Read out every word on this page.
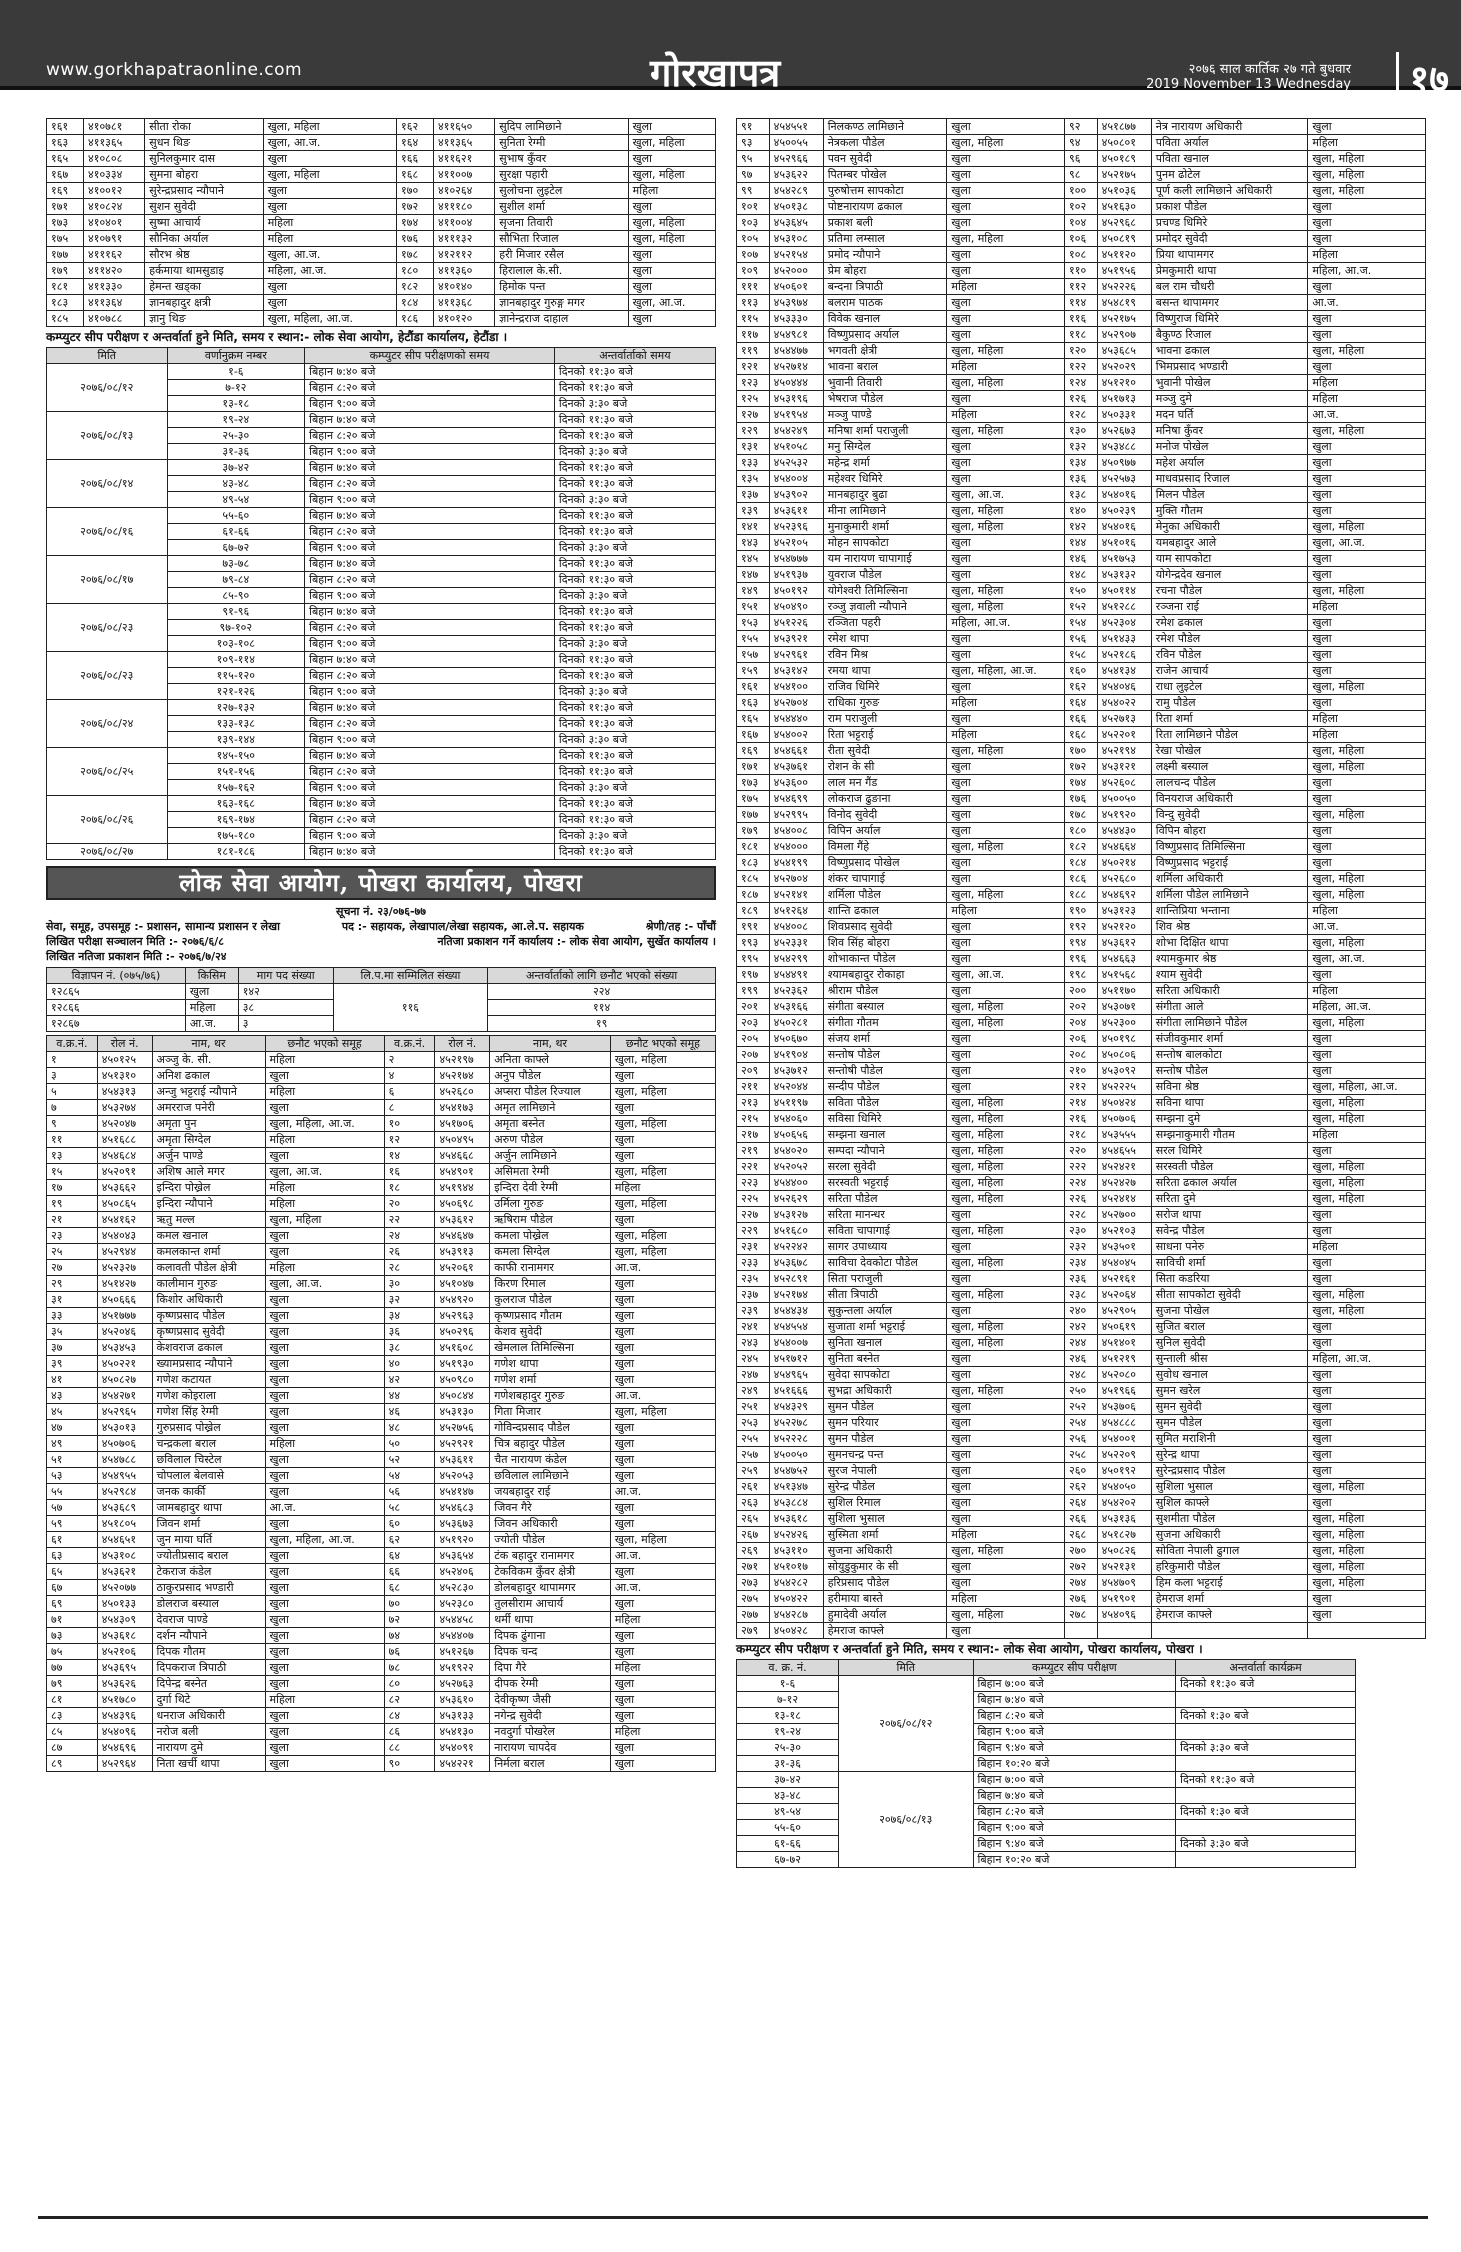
www.gorkhapatraonline.com	गोरखापत्र	२०७६ साल कार्तिक २७ गते बुधवार
2019 November 13 Wednesday	१७
१६१	४१०७८१	सीता रोका	खुला, महिला	१६२	४११६५०	सुदिप लामिछाने	खुला
१६३	४११३६५	सुधन थिङ	खुला, आ.ज.	१६४	४११३६५	सुनिता रेग्मी	खुला, महिला
१६५	४१०८०८	सुनिलकुमार दास	खुला	१६६	४११६२१	सुभाष कुँवर	खुला
१६७	४१०३३४	सुमना बोहरा	खुला, महिला	१६८	४११००७	सुरक्षा पहारी	खुला, महिला
१६९	४१००१२	सुरेन्द्रप्रसाद न्यौपाने	खुला	१७०	४१०२६४	सुलोचना लुइटेल	महिला
१७१	४१०८२४	सुशन सुवेदी	खुला	१७२	४१११८०	सुशील शर्मा	खुला
१७३	४१०४०१	सुष्मा आचार्य	महिला	१७४	४११००४	सृजना तिवारी	खुला, महिला
१७५	४१०७९१	सौनिका अर्याल	महिला	१७६	४१११३२	सौभिता रिजाल	खुला, महिला
१७७	४१११६२	सौरभ श्रेष्ठ	खुला, आ.ज.	१७८	४१२११२	हरी मिजार रसैल	खुला
१७९	४११४२०	हर्कमाया थामसुडाइ	महिला, आ.ज.	१८०	४११३६०	हिरालाल के.सी.	खुला
१८१	४११३३०	हेमन्त खड्का	खुला	१८२	४१०१४०	हिमोक पन्त	खुला
१८३	४११३६४	ज्ञानबहादुर क्षत्री	खुला	१८४	४११३६८	ज्ञानबहादुर गुरुङ्ग मगर	खुला, आ.ज.
१८५	४१०७८८	ज्ञानु थिङ	खुला, महिला, आ.ज.	१८६	४१०१२०	ज्ञानेन्द्रराज दाहाल	खुला
कम्प्युटर सीप परीक्षण र अन्तर्वार्ता हुने मिति, समय र स्थान:- लोक सेवा आयोग, हेटौंडा कार्यालय, हेटौंडा ।
मिति	वर्णानुक्रम नम्बर	कम्प्युटर सीप परीक्षणको समय	अन्तर्वार्ताको समय
२०७६/०८/१२	१-६	बिहान ७:४० बजे	दिनको ११:३० बजे
	७-१२	बिहान ८:२० बजे	दिनको ११:३० बजे
	१३-१८	बिहान ९:०० बजे	दिनको ३:३० बजे
२०७६/०८/१३	१९-२४	बिहान ७:४० बजे	दिनको ११:३० बजे
	२५-३०	बिहान ८:२० बजे	दिनको ११:३० बजे
	३१-३६	बिहान ९:०० बजे	दिनको ३:३० बजे
२०७६/०८/१४	३७-४२	बिहान ७:४० बजे	दिनको ११:३० बजे
	४३-४८	बिहान ८:२० बजे	दिनको ११:३० बजे
	४९-५४	बिहान ९:०० बजे	दिनको ३:३० बजे
२०७६/०८/१६	५५-६०	बिहान ७:४० बजे	दिनको ११:३० बजे
	६१-६६	बिहान ८:२० बजे	दिनको ११:३० बजे
	६७-७२	बिहान ९:०० बजे	दिनको ३:३० बजे
२०७६/०८/१७	७३-७८	बिहान ७:४० बजे	दिनको ११:३० बजे
	७९-८४	बिहान ८:२० बजे	दिनको ११:३० बजे
	८५-९०	बिहान ९:०० बजे	दिनको ३:३० बजे
२०७६/०८/२३	९१-९६	बिहान ७:४० बजे	दिनको ११:३० बजे
	९७-१०२	बिहान ८:२० बजे	दिनको ११:३० बजे
	१०३-१०८	बिहान ९:०० बजे	दिनको ३:३० बजे
२०७६/०८/२३	१०९-११४	बिहान ७:४० बजे	दिनको ११:३० बजे
	११५-१२०	बिहान ८:२० बजे	दिनको ११:३० बजे
	१२१-१२६	बिहान ९:०० बजे	दिनको ३:३० बजे
२०७६/०८/२४	१२७-१३२	बिहान ७:४० बजे	दिनको ११:३० बजे
	१३३-१३८	बिहान ८:२० बजे	दिनको ११:३० बजे
	१३९-१४४	बिहान ९:०० बजे	दिनको ३:३० बजे
२०७६/०८/२५	१४५-१५०	बिहान ७:४० बजे	दिनको ११:३० बजे
	१५१-१५६	बिहान ८:२० बजे	दिनको ११:३० बजे
	१५७-१६२	बिहान ९:०० बजे	दिनको ३:३० बजे
२०७६/०८/२६	१६३-१६८	बिहान ७:४० बजे	दिनको ११:३० बजे
	१६९-१७४	बिहान ८:२० बजे	दिनको ११:३० बजे
	१७५-१८०	बिहान ९:०० बजे	दिनको ३:३० बजे
२०७६/०८/२७	१८१-१८६	बिहान ७:४० बजे	दिनको ११:३० बजे
लोक सेवा आयोग, पोखरा कार्यालय, पोखरा
सूचना नं. २३/०७६-७७
सेवा, समूह, उपसमूह :- प्रशासन, सामान्य प्रशासन र लेखा	पद :- सहायक, लेखापाल/लेखा सहायक, आ.ले.प. सहायक	श्रेणी/तह :- पाँचौं
लिखित परीक्षा सञ्चालन मिति :- २०७६/६/८	नतिजा प्रकाशन गर्ने कार्यालय :- लोक सेवा आयोग, सुर्खेत कार्यालय ।
लिखित नतिजा प्रकाशन मिति :- २०७६/७/२४
विज्ञापन नं. (०७५/७६)	किसिम	माग पद संख्या	लि.प.मा सम्मिलित संख्या	अन्तर्वार्ताको लागि छनौट भएको संख्या
१२८६५	खुला	१४२	११६	२२४
१२८६६	महिला	३८		११४
१२८६७	आ.ज.	३		१९
व.क्र.नं.	रोल नं.	नाम, थर	छनौट भएको समूह	व.क्र.नं.	रोल नं.	नाम, थर	छनौट भएको समूह
१	४५०१२५	अञ्जु के. सी.	महिला	२	४५२१९७	अनिता काफ्ले	खुला, महिला
३	४५१३१०	अनिश ढकाल	खुला	४	४५२१७४	अनुप पौडेल	खुला
५	४५४३१३	अन्जु भट्टराई न्यौपाने	महिला	६	४५२६८०	अप्सरा पौडेल रिज्याल	खुला, महिला
७	४५३२७४	अमरराज पनेरी	खुला	८	४५४१७३	अमृत लामिछाने	खुला
९	४५२०४७	अमृता पुन	खुला, महिला, आ.ज.	१०	४५१७०६	अमृता बस्नेत	खुला, महिला
११	४५१६८८	अमृता सिग्देल	महिला	१२	४५०४९५	अरुण पौडेल	खुला
१३	४५४६८४	अर्जुन पाण्डे	खुला	१४	४५४६६८	अर्जुन लामिछाने	खुला
१५	४५२०९१	अशिष आले मगर	खुला, आ.ज.	१६	४५४९०१	असिमता रेग्मी	खुला, महिला
१७	४५३६६२	इन्दिरा पोख्रेल	महिला	१८	४५१९४४	इन्दिरा देवी रेग्मी	महिला
१९	४५०८६५	इन्दिरा न्यौपाने	महिला	२०	४५०६९८	उर्मिला गुरुङ	खुला, महिला
२१	४५४१६२	ऋतु मल्ल	खुला, महिला	२२	४५३६१२	ऋषिराम पौडेल	खुला
२३	४५४०४३	कमल खनाल	खुला	२४	४५४६४७	कमला पोख्रेल	खुला, महिला
२५	४५२९४४	कमलकान्त शर्मा	खुला	२६	४५३९१३	कमला सिग्देल	खुला, महिला
२७	४५२३२७	कलावती पौडेल क्षेत्री	महिला	२८	४५२०६१	काफी रानामगर	आ.ज.
२९	४५१४२७	कालीमान गुरुङ	खुला, आ.ज.	३०	४५१०४७	किरण रिमाल	खुला
३१	४५०६६६	किशोर अधिकारी	खुला	३२	४५४९२०	कुलराज पौडेल	खुला
३३	४५१७७७	कृष्णप्रसाद पौडेल	खुला	३४	४५२९६३	कृष्णप्रसाद गौतम	खुला
३५	४५२०४६	कृष्णप्रसाद सुवेदी	खुला	३६	४५०२९६	केशव सुवेदी	खुला
३७	४५३४५३	केशवराज ढकाल	खुला	३८	४५१६०८	खेमलाल तिमिल्सिना	खुला
३९	४५०२२१	ख्यामप्रसाद न्यौपाने	खुला	४०	४५१९३०	गणेश थापा	खुला
४१	४५०८२७	गणेश कटायत	खुला	४२	४५०९८०	गणेश शर्मा	खुला
४३	४५४२७१	गणेश कोइराला	खुला	४४	४५०८४४	गणेशबहादुर गुरुङ	आ.ज.
४५	४५२९६५	गणेश सिंह रेग्मी	खुला	४६	४५३१३०	गिता मिजार	खुला, महिला
४७	४५३०१३	गुरुप्रसाद पोख्रेल	खुला	४८	४५२७५६	गोविन्दप्रसाद पौडेल	खुला
४९	४५०७०६	चन्द्रकला बराल	महिला	५०	४५२९२१	चित्र बहादुर पौडेल	खुला
५१	४५४७८८	छविलाल चिस्टेल	खुला	५२	४५३६११	चैत नारायण कंडेल	खुला
५३	४५४९५५	चोपलाल बेलवासे	खुला	५४	४५२०५३	छविलाल लामिछाने	खुला
५५	४५२९८४	जनक कार्की	खुला	५६	४५४१४७	जयबहादुर राई	आ.ज.
५७	४५३६८९	जामबहादुर थापा	आ.ज.	५८	४५४६८३	जिवन गैरे	खुला
५९	४५१८०५	जिवन शर्मा	खुला	६०	४५३६७३	जिवन अधिकारी	खुला
६१	४५४६५१	जुन माया घर्ति	खुला, महिला, आ.ज.	६२	४५१९२०	ज्योती पौडेल	खुला, महिला
६३	४५३१०८	ज्योतीप्रसाद बराल	खुला	६४	४५३६५४	टंक बहादुर रानामगर	आ.ज.
६५	४५३६२१	टेकराज कंडेल	खुला	६६	४५२४०६	टेकविकम कुँवर क्षेत्री	खुला
६७	४५२०७७	ठाकुरप्रसाद भण्डारी	खुला	६८	४५२८३०	डोलबहादुर थापामगर	आ.ज.
६९	४५०१३३	डोलराज बस्याल	खुला	७०	४५२३८०	तुलसीराम आचार्य	खुला
७१	४५४३०९	देवराज पाण्डे	खुला	७२	४५४४५८	थर्मी थापा	महिला
७३	४५३६१८	दर्शन न्यौपाने	खुला	७४	४५४४०७	दिपक ढुंगाना	खुला
७५	४५२१०६	दिपक गौतम	खुला	७६	४५१२६७	दिपक चन्द	खुला
७७	४५३६९५	दिपकराज त्रिपाठी	खुला	७८	४५१९२२	दिपा गैरे	महिला
७९	४५३६२६	दिपेन्द्र बस्नेत	खुला	८०	४५२७६३	दीपक रेग्मी	खुला
८१	४५१७८०	दुर्गा थिटे	महिला	८२	४५३६१०	देवीकृष्ण जैसी	खुला
८३	४५४३९६	धनराज अधिकारी	खुला	८४	४५३१३३	नगेन्द्र सुवेदी	खुला
८५	४५४०९६	नरोज बली	खुला	८६	४५४१३०	नवदुर्गा पोखरेल	महिला
८७	४५४६९६	नारायण दुमे	खुला	८८	४५४०९१	नारायण चापदेव	खुला
८९	४५२९६४	निता खर्ची थापा	खुला	९०	४५४२२१	निर्मला बराल	खुला
९१	४५४५५१	निलकण्ठ लामिछाने	खुला	९२	४५१८७७	नेत्र नारायण अधिकारी	खुला
९३	४५००५५	नेत्रकला पौडेल	खुला, महिला	९४	४५०८०१	पविता अर्याल	महिला
९५	४५२९६६	पवन सुवेदी	खुला	९६	४५०१८९	पविता खनाल	खुला, महिला
९७	४५३६२२	पितम्बर पोखेल	खुला	९८	४५२१७५	पुनम ढोटेल	खुला, महिला
९९	४५४२८९	पुरुषोत्तम सापकोटा	खुला	१००	४५१०३६	पूर्ण कली लामिछाने अधिकारी	खुला, महिला
१०१	४५०१३८	पोष्टनारायण ढकाल	खुला	१०२	४५१६३०	प्रकाश पौडेल	खुला
१०३	४५३६४५	प्रकाश बली	खुला	१०४	४५२९६८	प्रचण्ड धिमिरे	खुला
१०५	४५३१०८	प्रतिमा लम्साल	खुला, महिला	१०६	४५०८१९	प्रमोदर सुवेदी	खुला
१०७	४५२१५४	प्रमोद न्यौपाने	खुला	१०८	४५११२०	प्रिया थापामगर	महिला
१०९	४५२०००	प्रेम बोहरा	खुला	११०	४५१९५६	प्रेमकुमारी थापा	महिला, आ.ज.
१११	४५०६०१	बन्दना त्रिपाठी	महिला	११२	४५२२२६	बल राम चौधरी	खुला
११३	४५३९७४	बलराम पाठक	खुला	११४	४५४८१९	बसन्त थापामगर	आ.ज.
११५	४५३३३०	विवेक खनाल	खुला	११६	४५२१७५	विष्णुराज धिमिरे	खुला
११७	४५४९८१	विष्णुप्रसाद अर्याल	खुला	११८	४५२९०७	बैकुण्ठ रिजाल	खुला
११९	४५४४७७	भगवती क्षेत्री	खुला, महिला	१२०	४५३६८५	भावना ढकाल	खुला, महिला
१२१	४५२७१४	भावना बराल	महिला	१२२	४५२०२९	भिमप्रसाद भण्डारी	खुला
१२३	४५०४४४	भुवानी तिवारी	खुला, महिला	१२४	४५१२१०	भुवानी पोखेल	महिला
१२५	४५३१९६	भेषराज पौडेल	खुला	१२६	४५१७१३	मञ्जु दुमे	महिला
१२७	४५१९५४	मञ्जु पाण्डे	महिला	१२८	४५०३३१	मदन घर्ति	आ.ज.
१२९	४५४२४९	मनिषा शर्मा पराजुली	खुला, महिला	१३०	४५२६७३	मनिषा कुँवर	खुला, महिला
१३१	४५१०५८	मनु सिग्देल	खुला	१३२	४५३४८८	मनोज पोखेल	खुला
१३३	४५२५३२	महेन्द्र शर्मा	खुला	१३४	४५०९७७	महेश अर्याल	खुला
१३५	४५४००४	महेश्वर धिमिरे	खुला	१३६	४५२५७३	माधवप्रसाद रिजाल	खुला
१३७	४५३९०२	मानबहादुर बुढा	खुला, आ.ज.	१३८	४५४०१६	मिलन पौडेल	खुला
१३९	४५३६११	मीना लामिछाने	खुला, महिला	१४०	४५०२३९	मुक्ति गौतम	खुला
१४१	४५२३९६	मुनाकुमारी शर्मा	खुला, महिला	१४२	४५४०१६	मेनुका अधिकारी	खुला, महिला
१४३	४५२१०५	मोहन सापकोटा	खुला	१४४	४५१०१६	यमबहादुर आले	खुला, आ.ज.
१४५	४५४७७७	यम नारायण चापागाई	खुला	१४६	४५१७५३	याम सापकोटा	खुला
१४७	४५१९३७	युवराज पौडेल	खुला	१४८	४५३१३२	योगेन्द्रदेव खनाल	खुला
१४९	४५०१९२	योगेश्वरी तिमिल्सिना	खुला, महिला	१५०	४५०११४	रचना पौडेल	खुला, महिला
१५१	४५०४९०	रञ्जु ज्ञवाली न्यौपाने	खुला, महिला	१५२	४५१२८८	रञ्जना राई	महिला
१५३	४५१२२६	रञ्जिता पहरी	महिला, आ.ज.	१५४	४५२३०४	रमेश ढकाल	खुला
१५५	४५३९२१	रमेश थापा	खुला	१५६	४५१४३३	रमेश पौडेल	खुला
१५७	४५२९६१	रविन मिश्र	खुला	१५८	४५२१८६	रविन पौडेल	खुला
१५९	४५३१४२	रमया थापा	खुला, महिला, आ.ज.	१६०	४५४१३४	राजेन आचार्य	खुला
१६१	४५४१००	राजिव धिमिरे	खुला	१६२	४५४०४६	राधा लुइटेल	खुला, महिला
१६३	४५२७०४	राधिका गुरुङ	महिला	१६४	४५४०२२	रामु पौडेल	खुला
१६५	४५४४४०	राम पराजुली	खुला	१६६	४५२७१३	रिता शर्मा	महिला
१६७	४५४००२	रिता भट्टराई	महिला	१६८	४५२२०१	रिता लामिछाने पौडेल	महिला
१६९	४५४६६१	रीता सुवेदी	खुला, महिला	१७०	४५२१९४	रेखा पोखेल	खुला, महिला
१७१	४५३७६१	रोशन के सी	खुला	१७२	४५३१२१	लक्ष्मी बस्याल	खुला, महिला
१७३	४५३६००	लाल मन गैंड	खुला	१७४	४५२६०८	लालचन्द पौडेल	खुला
१७५	४५४६९९	लोकराज ढुङाना	खुला	१७६	४५००५०	विनयराज अधिकारी	खुला
१७७	४५२९९५	विनोद सुवेदी	खुला	१७८	४५१९२०	विन्दु सुवेदी	खुला, महिला
१७९	४५४००८	विपिन अर्याल	खुला	१८०	४५४४३०	विपिन बोहरा	खुला
१८१	४५४०००	विमला गैंहे	खुला, महिला	१८२	४५४६६४	विष्णुप्रसाद तिमिल्सिना	खुला
१८३	४५४१९९	विष्णुप्रसाद पोखेल	खुला	१८४	४५०२१४	विष्णुप्रसाद भट्टराई	खुला
१८५	४५२७०४	शंकर चापागाई	खुला	१८६	४५२६८०	शर्मिला अधिकारी	खुला, महिला
१८७	४५२१४१	शर्मिला पौडेल	खुला, महिला	१८८	४५४६९२	शर्मिला पौडेल लामिछाने	खुला, महिला
१८९	४५१२६४	शान्ति ढकाल	महिला	१९०	४५३१२३	शान्तिप्रिया भन्ताना	महिला
१९१	४५४००८	शिवप्रसाद सुवेदी	खुला	१९२	४५२१२०	शिव श्रेष्ठ	आ.ज.
१९३	४५२३३१	शिव सिंह बोहरा	खुला	१९४	४५३६१२	शोभा दिक्षित थापा	खुला, महिला
१९५	४५४२९९	शोभाकान्त पौडेल	खुला	१९६	४५४६६३	श्यामकुमार श्रेष्ठ	खुला, आ.ज.
१९७	४५४४९१	श्यामबहादुर रोकाहा	खुला, आ.ज.	१९८	४५१५६८	श्याम सुवेदी	खुला
१९९	४५२३६२	श्रीराम पौडेल	खुला	२००	४५११७०	सरिता अधिकारी	महिला
२०१	४५३१६६	संगीता बस्याल	खुला, महिला	२०२	४५३०७१	संगीता आले	महिला, आ.ज.
२०३	४५०२८१	संगीता गौतम	खुला, महिला	२०४	४५२३००	संगीता लामिछाने पौडेल	खुला, महिला
२०५	४५०६७०	संजय शर्मा	खुला	२०६	४५०१९८	संजीवकुमार शर्मा	खुला
२०७	४५१९०४	सन्तोष पौडेल	खुला	२०८	४५०८०६	सन्तोष बालकोटा	खुला
२०९	४५३७१२	सन्तोषी पौडेल	खुला	२१०	४५३०९२	सन्तोष पौडेल	खुला
२११	४५२०४४	सन्दीप पौडेल	खुला	२१२	४५२२२५	सविना श्रेष्ठ	खुला, महिला, आ.ज.
२१३	४५११९७	सविता पौडेल	खुला, महिला	२१४	४५०४२४	सविना थापा	खुला, महिला
२१५	४५४०६०	सविसा धिमिरे	खुला, महिला	२१६	४५०७०६	सम्झना दुमे	खुला, महिला
२१७	४५०६५६	सम्झना खनाल	खुला, महिला	२१८	४५३५५५	सम्झनाकुमारी गौतम	महिला
२१९	४५४०२०	सम्पदा न्यौपाने	खुला, महिला	२२०	४५४६५५	सरल धिमिरे	खुला
२२१	४५२०५२	सरला सुवेदी	खुला, महिला	२२२	४५२४२१	सरस्वती पौडेल	खुला, महिला
२२३	४५४४००	सरस्वती भट्टराई	खुला, महिला	२२४	४५२४२७	सरिता ढकाल अर्याल	खुला, महिला
२२५	४५२६२९	सरिता पौडेल	खुला, महिला	२२६	४५२४१४	सरिता दुमे	खुला, महिला
२२७	४५३१२७	सरिता मानन्धर	खुला	२२८	४५२७००	सरोज थापा	खुला
२२९	४५१६८०	सविता चापागाई	खुला, महिला	२३०	४५२१०३	सवेन्द्र पौडेल	खुला
२३१	४५२२४२	सागर उपाध्याय	खुला	२३२	४५३५०१	साधना पनेरु	महिला
२३३	४५३६७८	साविचा देवकोटा पौडेल	खुला, महिला	२३४	४५४०४५	साविची शर्मा	खुला
२३५	४५२८९१	सिता पराजुली	खुला	२३६	४५२१६१	सिता कडरिया	खुला
२३७	४५२१७४	सीता त्रिपाठी	खुला, महिला	२३८	४५२०६४	सीता सापकोटा सुवेदी	खुला, महिला
२३९	४५४४३४	सुकुन्तला अर्याल	खुला	२४०	४५२९०५	सुजना पोखेल	खुला, महिला
२४१	४५४५५४	सुजाता शर्मा भट्टराई	खुला, महिला	२४२	४५०६१९	सुजित बराल	खुला
२४३	४५४००७	सुनिता खनाल	खुला, महिला	२४४	४५१४०१	सुनिल सुवेदी	खुला
२४५	४५१७१२	सुनिता बस्नेत	खुला	२४६	४५१२१९	सुन्ताली श्रीस	महिला, आ.ज.
२४७	४५४९६५	सुवेदा सापकोटा	खुला	२४८	४५२०८०	सुवोध खनाल	खुला
२४९	४५१६६६	सुभद्रा अधिकारी	खुला, महिला	२५०	४५१९६६	सुमन खरेल	खुला
२५१	४५४३२९	सुमन पौडेल	खुला	२५२	४५३७०६	सुमन सुवेदी	खुला
२५३	४५२२७८	सुमन परियार	खुला	२५४	४५४८८८	सुमन पौडेल	खुला
२५५	४५२२२८	सुमन पौडेल	खुला	२५६	४५४००१	सुमित मराशिनी	खुला
२५७	४५००५०	सुमनचन्द्र पन्त	खुला	२५८	४५२२०९	सुरेन्द्र थापा	खुला
२५९	४५४७५२	सुरज नेपाली	खुला	२६०	४५०१९२	सुरेन्द्रप्रसाद पौडेल	खुला
२६१	४५१३४७	सुरेन्द्र पौडेल	खुला	२६२	४५४०५०	सुशिला भुसाल	खुला, महिला
२६३	४५३८८४	सुशिल रिमाल	खुला	२६४	४५४२०२	सुशिल काफ्ले	खुला
२६५	४५३६१८	सुशिला भुसाल	खुला	२६६	४५३१३६	सुशमीता पौडेल	खुला, महिला
२६७	४५२४२६	सुस्मिता शर्मा	महिला	२६८	४५१८२७	सुजना अधिकारी	खुला, महिला
२६९	४५३११०	सुजना अधिकारी	खुला, महिला	२७०	४५०८२६	सोविता नेपाली ढुगाल	खुला, महिला
२७१	४५१०१७	सोयुडुकुमार के सी	खुला	२७२	४५२१३१	हरिकुमारी पौडेल	खुला, महिला
२७३	४५४२८२	हरिप्रसाद पौडेल	खुला	२७४	४५४७०९	हिम कला भट्टराई	खुला, महिला
२७५	४५०४२२	हरीमाया बास्ते	महिला	२७६	४५१९०१	हेमराज शर्मा	खुला
२७७	४५४२८७	हुमादेवी अर्याल	खुला, महिला	२७८	४५४०९६	हेमराज काफ्ले	खुला
२७९	४५०४२८	हेमराज काफ्ले	खुला				
कम्प्युटर सीप परीक्षण र अन्तर्वार्ता हुने मिति, समय र स्थान:- लोक सेवा आयोग, पोखरा कार्यालय, पोखरा ।
व. क्र. नं.	मिति	कम्प्युटर सीप परीक्षण	अन्तर्वार्ता कार्यक्रम
१-६	२०७६/०८/१२	बिहान ७:०० बजे	दिनको ११:३० बजे
७-१२		बिहान ७:४० बजे	
१३-१८		बिहान ८:२० बजे	दिनको १:३० बजे
१९-२४		बिहान ९:०० बजे	
२५-३०		बिहान ९:४० बजे	दिनको ३:३० बजे
३१-३६		बिहान १०:२० बजे	
३७-४२	२०७६/०८/१३	बिहान ७:०० बजे	दिनको ११:३० बजे
४३-४८		बिहान ७:४० बजे	
४९-५४		बिहान ८:२० बजे	दिनको १:३० बजे
५५-६०		बिहान ९:०० बजे	
६१-६६		बिहान ९:४० बजे	दिनको ३:३० बजे
६७-७२		बिहान १०:२० बजे	
